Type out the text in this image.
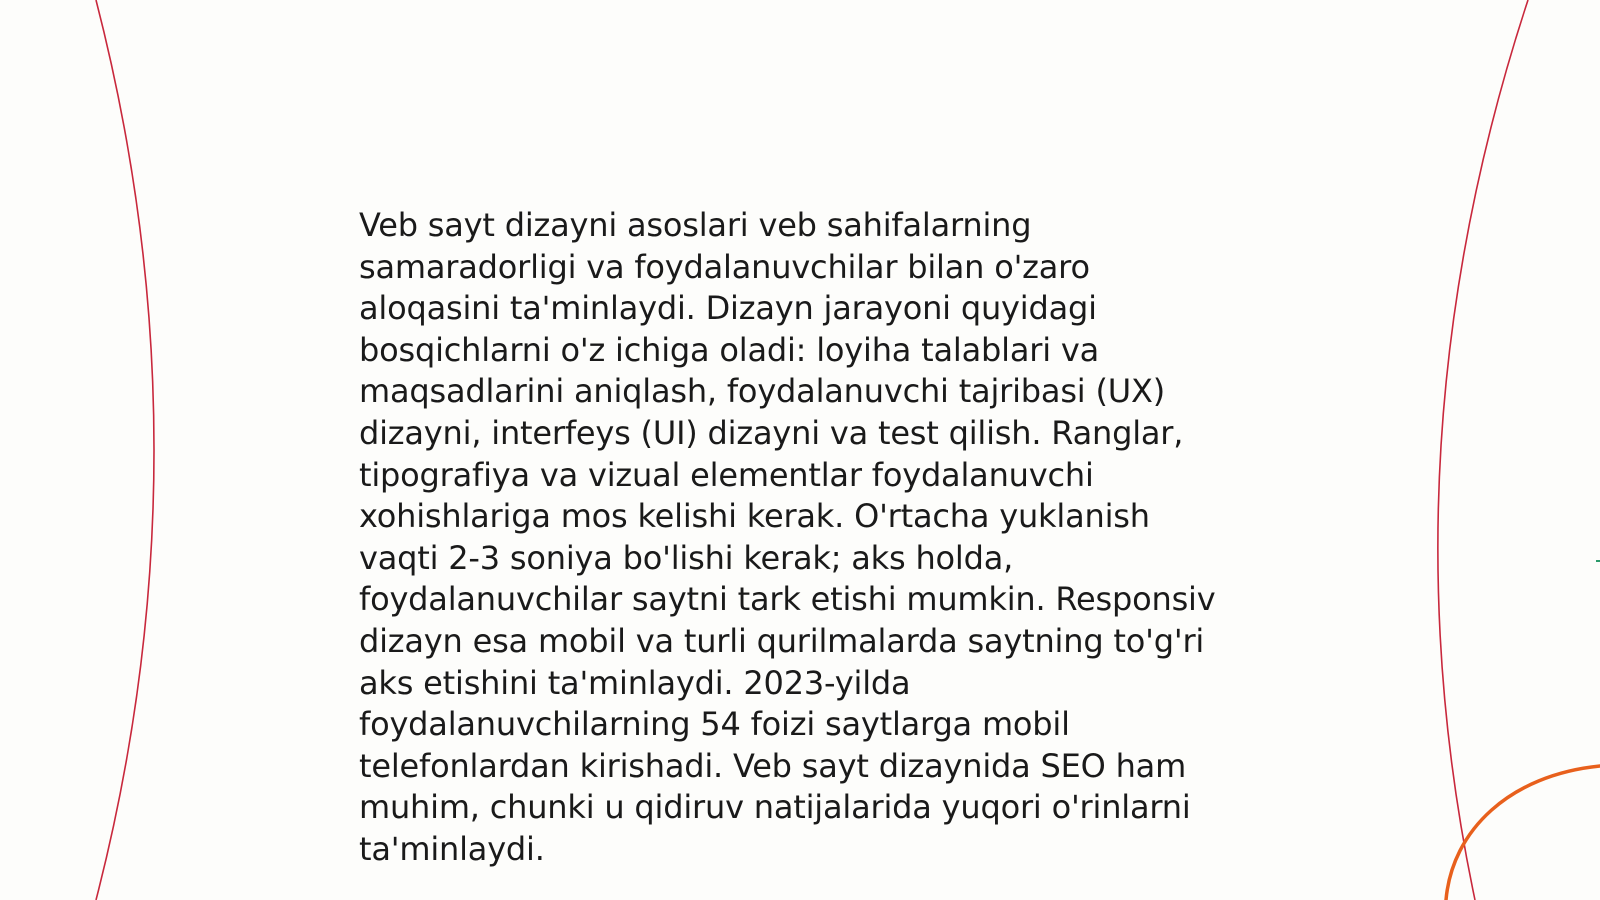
Veb sayt dizayni asoslari veb sahifalarning samaradorligi va foydalanuvchilar bilan o'zaro aloqasini ta'minlaydi. Dizayn jarayoni quyidagi bosqichlarni o'z ichiga oladi: loyiha talablari va maqsadlarini aniqlash, foydalanuvchi tajribasi (UX) dizayni, interfeys (UI) dizayni va test qilish. Ranglar, tipografiya va vizual elementlar foydalanuvchi xohishlariga mos kelishi kerak. O'rtacha yuklanish vaqti 2-3 soniya bo'lishi kerak; aks holda, foydalanuvchilar saytni tark etishi mumkin. Responsiv dizayn esa mobil va turli qurilmalarda saytning to'g'ri aks etishini ta'minlaydi. 2023-yilda foydalanuvchilarning 54 foizi saytlarga mobil telefonlardan kirishadi. Veb sayt dizaynida SEO ham muhim, chunki u qidiruv natijalarida yuqori o'rinlarni ta'minlaydi.
